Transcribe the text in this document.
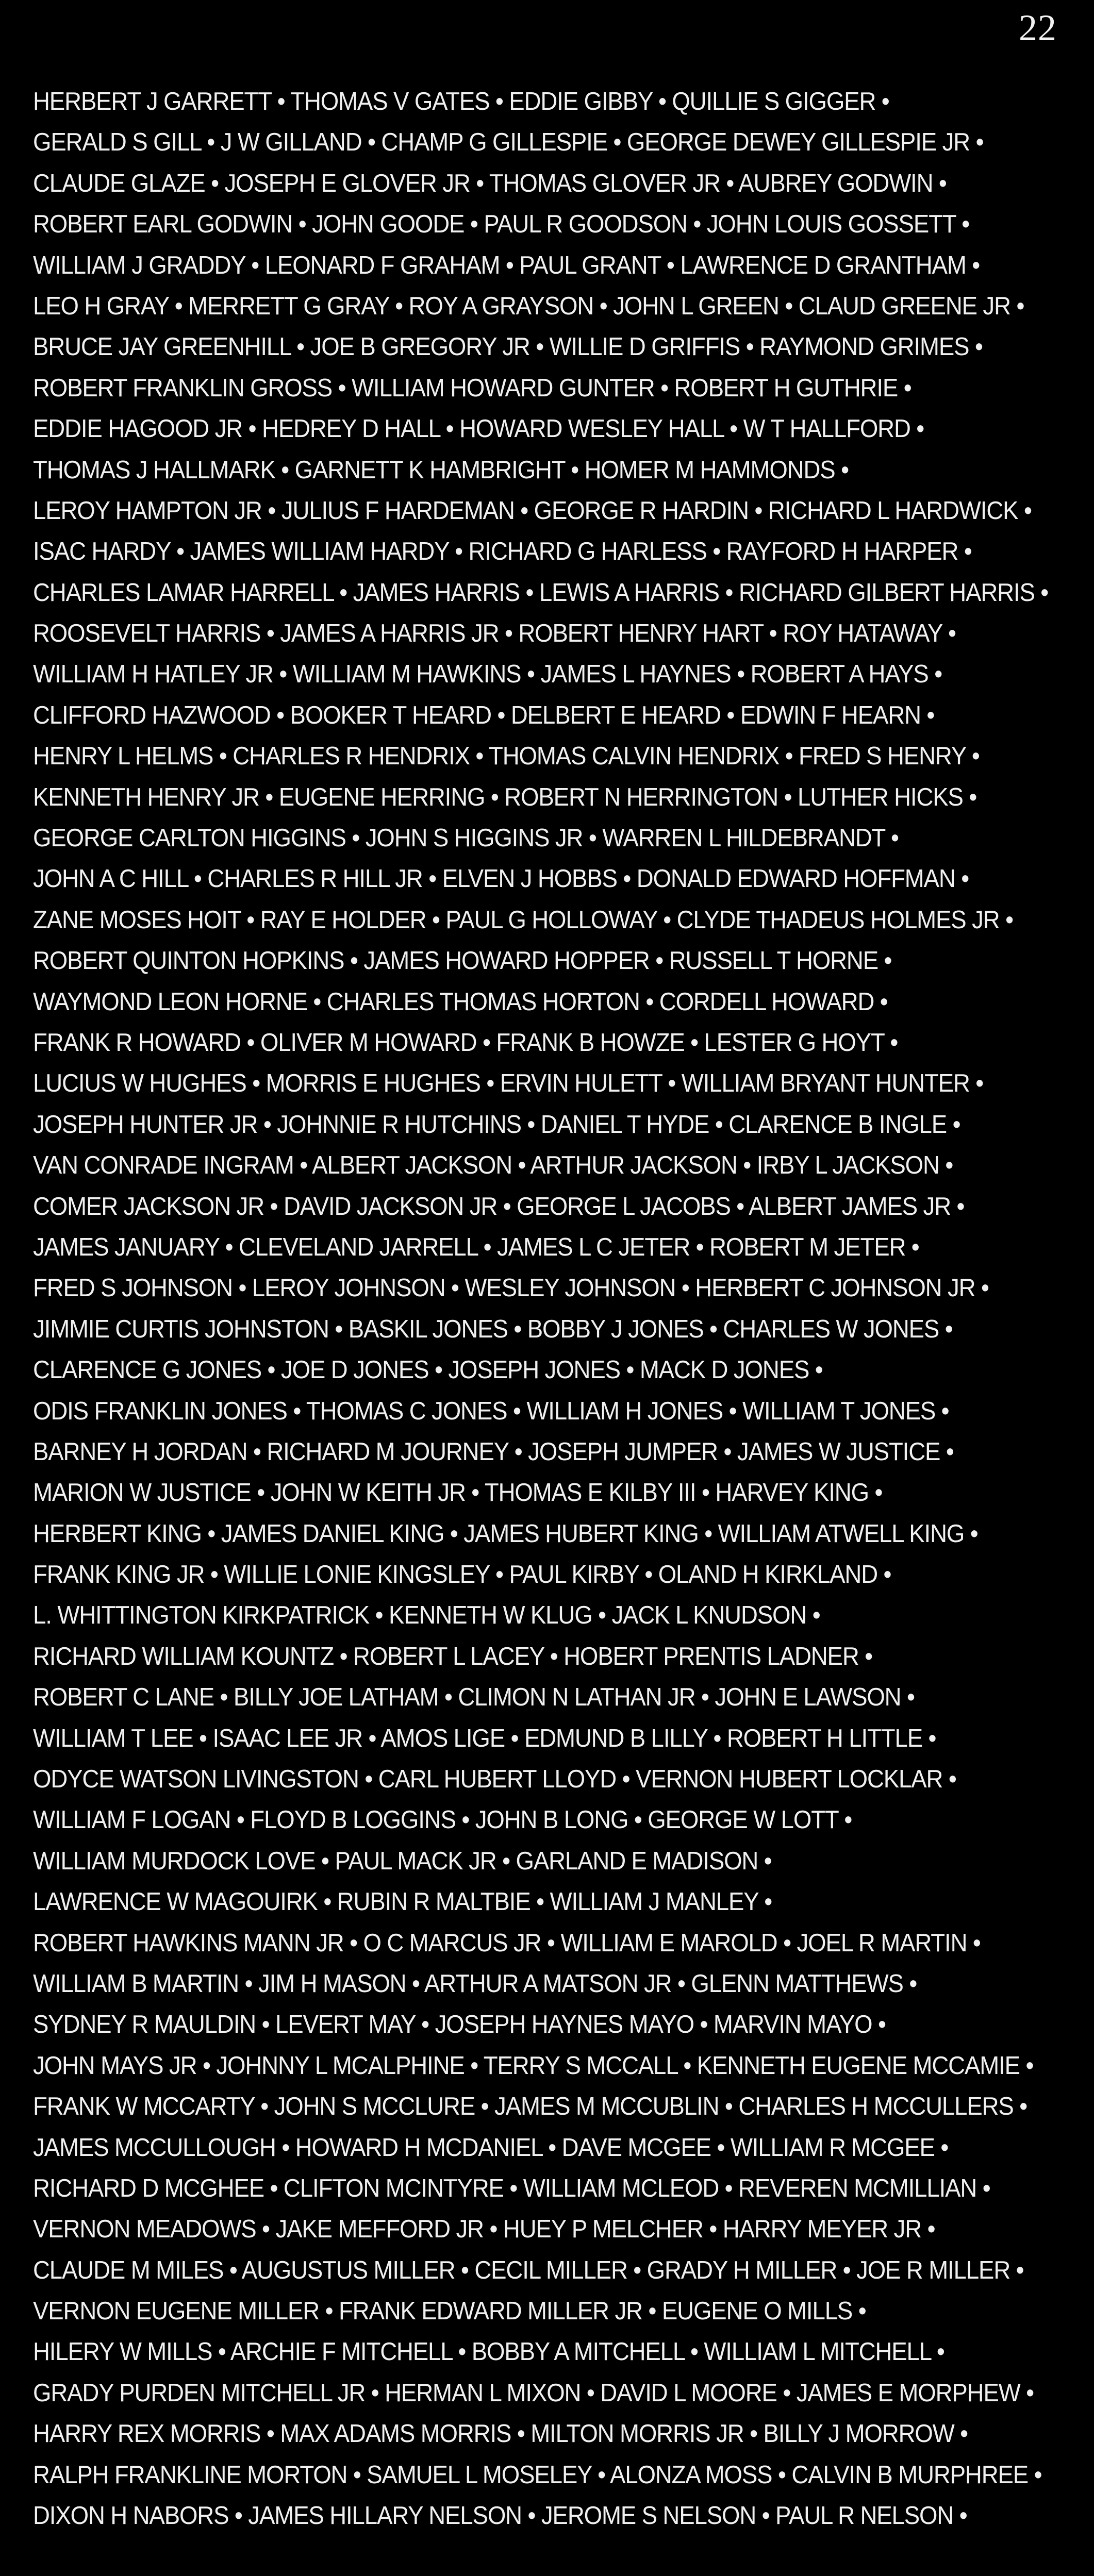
22
HERBERT J GARRETT • THOMAS V GATES • EDDIE GIBBY • QUILLIE S GIGGER •
GERALD S GILL • J W GILLAND • CHAMP G GILLESPIE • GEORGE DEWEY GILLESPIE JR •
CLAUDE GLAZE • JOSEPH E GLOVER JR • THOMAS GLOVER JR • AUBREY GODWIN •
ROBERT EARL GODWIN • JOHN GOODE • PAUL R GOODSON • JOHN LOUIS GOSSETT •
WILLIAM J GRADDY • LEONARD F GRAHAM • PAUL GRANT • LAWRENCE D GRANTHAM •
LEO H GRAY • MERRETT G GRAY • ROY A GRAYSON • JOHN L GREEN • CLAUD GREENE JR •
BRUCE JAY GREENHILL • JOE B GREGORY JR • WILLIE D GRIFFIS • RAYMOND GRIMES •
ROBERT FRANKLIN GROSS • WILLIAM HOWARD GUNTER • ROBERT H GUTHRIE •
EDDIE HAGOOD JR • HEDREY D HALL • HOWARD WESLEY HALL • W T HALLFORD •
THOMAS J HALLMARK • GARNETT K HAMBRIGHT • HOMER M HAMMONDS •
LEROY HAMPTON JR • JULIUS F HARDEMAN • GEORGE R HARDIN • RICHARD L HARDWICK •
ISAC HARDY • JAMES WILLIAM HARDY • RICHARD G HARLESS • RAYFORD H HARPER •
CHARLES LAMAR HARRELL • JAMES HARRIS • LEWIS A HARRIS • RICHARD GILBERT HARRIS •
ROOSEVELT HARRIS • JAMES A HARRIS JR • ROBERT HENRY HART • ROY HATAWAY •
WILLIAM H HATLEY JR • WILLIAM M HAWKINS • JAMES L HAYNES • ROBERT A HAYS •
CLIFFORD HAZWOOD • BOOKER T HEARD • DELBERT E HEARD • EDWIN F HEARN •
HENRY L HELMS • CHARLES R HENDRIX • THOMAS CALVIN HENDRIX • FRED S HENRY •
KENNETH HENRY JR • EUGENE HERRING • ROBERT N HERRINGTON • LUTHER HICKS •
GEORGE CARLTON HIGGINS • JOHN S HIGGINS JR • WARREN L HILDEBRANDT •
JOHN A C HILL • CHARLES R HILL JR • ELVEN J HOBBS • DONALD EDWARD HOFFMAN •
ZANE MOSES HOIT • RAY E HOLDER • PAUL G HOLLOWAY • CLYDE THADEUS HOLMES JR •
ROBERT QUINTON HOPKINS • JAMES HOWARD HOPPER • RUSSELL T HORNE •
WAYMOND LEON HORNE • CHARLES THOMAS HORTON • CORDELL HOWARD •
FRANK R HOWARD • OLIVER M HOWARD • FRANK B HOWZE • LESTER G HOYT •
LUCIUS W HUGHES • MORRIS E HUGHES • ERVIN HULETT • WILLIAM BRYANT HUNTER •
JOSEPH HUNTER JR • JOHNNIE R HUTCHINS • DANIEL T HYDE • CLARENCE B INGLE •
VAN CONRADE INGRAM • ALBERT JACKSON • ARTHUR JACKSON • IRBY L JACKSON •
COMER JACKSON JR • DAVID JACKSON JR • GEORGE L JACOBS • ALBERT JAMES JR •
JAMES JANUARY • CLEVELAND JARRELL • JAMES L C JETER • ROBERT M JETER •
FRED S JOHNSON • LEROY JOHNSON • WESLEY JOHNSON • HERBERT C JOHNSON JR •
JIMMIE CURTIS JOHNSTON • BASKIL JONES • BOBBY J JONES • CHARLES W JONES •
CLARENCE G JONES • JOE D JONES • JOSEPH JONES • MACK D JONES •
ODIS FRANKLIN JONES • THOMAS C JONES • WILLIAM H JONES • WILLIAM T JONES •
BARNEY H JORDAN • RICHARD M JOURNEY • JOSEPH JUMPER • JAMES W JUSTICE •
MARION W JUSTICE • JOHN W KEITH JR • THOMAS E KILBY III • HARVEY KING •
HERBERT KING • JAMES DANIEL KING • JAMES HUBERT KING • WILLIAM ATWELL KING •
FRANK KING JR • WILLIE LONIE KINGSLEY • PAUL KIRBY • OLAND H KIRKLAND •
L. WHITTINGTON KIRKPATRICK • KENNETH W KLUG • JACK L KNUDSON •
RICHARD WILLIAM KOUNTZ • ROBERT L LACEY • HOBERT PRENTIS LADNER •
ROBERT C LANE • BILLY JOE LATHAM • CLIMON N LATHAN JR • JOHN E LAWSON •
WILLIAM T LEE • ISAAC LEE JR • AMOS LIGE • EDMUND B LILLY • ROBERT H LITTLE •
ODYCE WATSON LIVINGSTON • CARL HUBERT LLOYD • VERNON HUBERT LOCKLAR •
WILLIAM F LOGAN • FLOYD B LOGGINS • JOHN B LONG • GEORGE W LOTT •
WILLIAM MURDOCK LOVE • PAUL MACK JR • GARLAND E MADISON •
LAWRENCE W MAGOUIRK • RUBIN R MALTBIE • WILLIAM J MANLEY •
ROBERT HAWKINS MANN JR • O C MARCUS JR • WILLIAM E MAROLD • JOEL R MARTIN •
WILLIAM B MARTIN • JIM H MASON • ARTHUR A MATSON JR • GLENN MATTHEWS •
SYDNEY R MAULDIN • LEVERT MAY • JOSEPH HAYNES MAYO • MARVIN MAYO •
JOHN MAYS JR • JOHNNY L MCALPHINE • TERRY S MCCALL • KENNETH EUGENE MCCAMIE •
FRANK W MCCARTY • JOHN S MCCLURE • JAMES M MCCUBLIN • CHARLES H MCCULLERS •
JAMES MCCULLOUGH • HOWARD H MCDANIEL • DAVE MCGEE • WILLIAM R MCGEE •
RICHARD D MCGHEE • CLIFTON MCINTYRE • WILLIAM MCLEOD • REVEREN MCMILLIAN •
VERNON MEADOWS • JAKE MEFFORD JR • HUEY P MELCHER • HARRY MEYER JR •
CLAUDE M MILES • AUGUSTUS MILLER • CECIL MILLER • GRADY H MILLER • JOE R MILLER •
VERNON EUGENE MILLER • FRANK EDWARD MILLER JR • EUGENE O MILLS •
HILERY W MILLS • ARCHIE F MITCHELL • BOBBY A MITCHELL • WILLIAM L MITCHELL •
GRADY PURDEN MITCHELL JR • HERMAN L MIXON • DAVID L MOORE • JAMES E MORPHEW •
HARRY REX MORRIS • MAX ADAMS MORRIS • MILTON MORRIS JR • BILLY J MORROW •
RALPH FRANKLINE MORTON • SAMUEL L MOSELEY • ALONZA MOSS • CALVIN B MURPHREE •
DIXON H NABORS • JAMES HILLARY NELSON • JEROME S NELSON • PAUL R NELSON •
